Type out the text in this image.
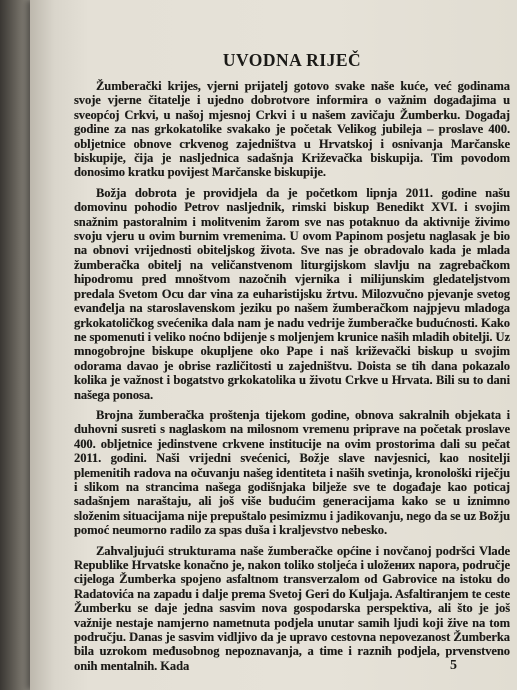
UVODNA RIJEČ

Žumberački krijes, vjerni prijatelj gotovo svake naše kuće, već godinama svoje vjerne čitatelje i ujedno dobrotvore informira o važnim događajima u sveopćoj Crkvi, u našoj mjesnoj Crkvi i u našem zavičaju Žumberku. Događaj godine za nas grkokatolike svakako je početak Velikog jubileja – proslave 400. obljetnice obnove crkvenog zajedništva u Hrvatskoj i osnivanja Marčanske biskupije, čija je nasljednica sadašnja Križevačka biskupija. Tim povodom donosimo kratku povijest Marčanske biskupije.

Božja dobrota je providjela da je početkom lipnja 2011. godine našu domovinu pohodio Petrov nasljednik, rimski biskup Benedikt XVI. i svojim snažnim pastoralnim i molitvenim žarom sve nas potaknuo da aktivnije živimo svoju vjeru u ovim burnim vremenima. U ovom Papinom posjetu naglasak je bio na obnovi vrijednosti obiteljskog života. Sve nas je obradovalo kada je mlada žumberačka obitelj na veličanstvenom liturgijskom slavlju na zagrebačkom hipodromu pred mnoštvom nazočnih vjernika i milijunskim gledateljstvom predala Svetom Ocu dar vina za euharistijsku žrtvu. Milozvučno pjevanje svetog evanđelja na staroslavenskom jeziku po našem žumberačkom najpjevu mladoga grkokatoličkog svećenika dala nam je nadu vedrije žumberačke budućnosti. Kako ne spomenuti i veliko noćno bdijenje s moljenjem krunice naših mladih obitelji. Uz mnogobrojne biskupe okupljene oko Pape i naš križevački biskup u svojim odorama davao je obrise različitosti u zajedništvu. Doista se tih dana pokazalo kolika je važnost i bogatstvo grkokatolika u životu Crkve u Hrvata. Bili su to dani našega ponosa.

Brojna žumberačka proštenja tijekom godine, obnova sakralnih objekata i duhovni susreti s naglaskom na milosnom vremenu priprave na početak proslave 400. obljetnice jedinstvene crkvene institucije na ovim prostorima dali su pečat 2011. godini. Naši vrijedni svećenici, Božje slave navjesnici, kao nositelji plemenitih radova na očuvanju našeg identiteta i naših svetinja, kronološki riječju i slikom na strancima našega godišnjaka bilježe sve te događaje kao poticaj sadašnjem naraštaju, ali još više budućim generacijama kako se u iznimno složenim situacijama nije prepuštalo pesimizmu i jadikovanju, nego da se uz Božju pomoć neumorno radilo za spas duša i kraljevstvo nebesko.

Zahvaljujući strukturama naše žumberačke općine i novčanoj podršci Vlade Republike Hrvatske konačno je, nakon toliko stoljeća i uložених napora, područje cijeloga Žumberka spojeno asfaltnom transverzalom od Gabrovice na istoku do Radatovića na zapadu i dalje prema Svetoj Geri do Kuljaja. Asfaltiranjem te ceste Žumberku se daje jedna sasvim nova gospodarska perspektiva, ali što je još važnije nestaje namjerno nametnuta podjela unutar samih ljudi koji žive na tom području. Danas je sasvim vidljivo da je upravo cestovna nepovezanost Žumberka bila uzrokom međusobnog nepoznavanja, a time i raznih podjela, prvenstveno onih mentalnih. Kada	5
